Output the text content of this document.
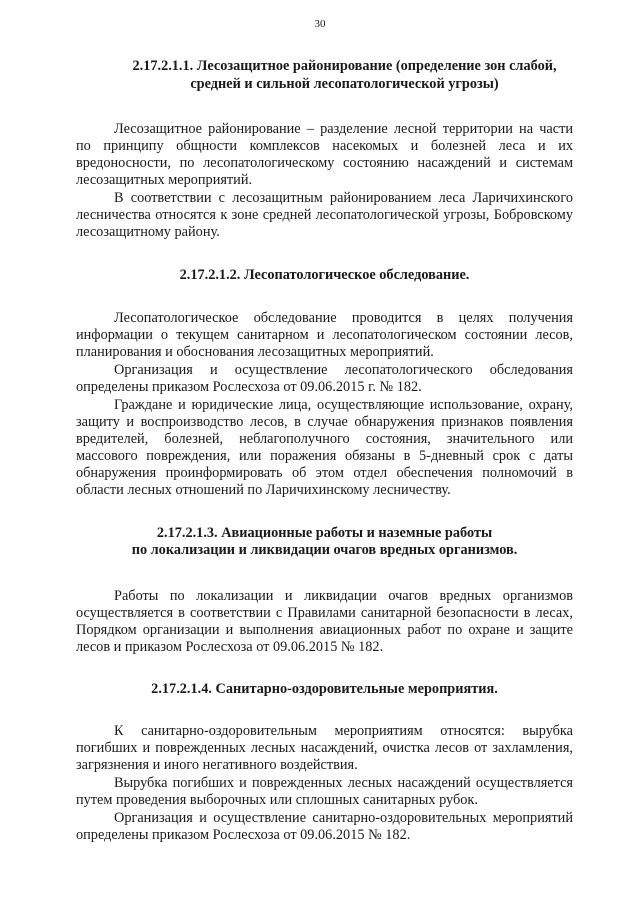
30
2.17.2.1.1. Лесозащитное районирование (определение зон слабой, средней и сильной лесопатологической угрозы)

Лесозащитное районирование – разделение лесной территории на части по принципу общности комплексов насекомых и болезней леса и их вредоносности, по лесопатологическому состоянию насаждений и системам лесозащитных мероприятий.

В соответствии с лесозащитным районированием леса Ларичихинского лесничества относятся к зоне средней лесопатологической угрозы, Бобровскому лесозащитному району.

2.17.2.1.2. Лесопатологическое обследование.

Лесопатологическое обследование проводится в целях получения информации о текущем санитарном и лесопатологическом состоянии лесов, планирования и обоснования лесозащитных мероприятий.

Организация и осуществление лесопатологического обследования определены приказом Рослесхоза от 09.06.2015 г. № 182.

Граждане и юридические лица, осуществляющие использование, охрану, защиту и воспроизводство лесов, в случае обнаружения признаков появления вредителей, болезней, неблагополучного состояния, значительного или массового повреждения, или поражения обязаны в 5-дневный срок с даты обнаружения проинформировать об этом отдел обеспечения полномочий в области лесных отношений по Ларичихинскому лесничеству.

2.17.2.1.3. Авиационные работы и наземные работы
по локализации и ликвидации очагов вредных организмов.

Работы по локализации и ликвидации очагов вредных организмов осуществляется в соответствии с Правилами санитарной безопасности в лесах, Порядком организации и выполнения авиационных работ по охране и защите лесов и приказом Рослесхоза от 09.06.2015 № 182.

2.17.2.1.4. Санитарно-оздоровительные мероприятия.

К санитарно-оздоровительным мероприятиям относятся: вырубка погибших и поврежденных лесных насаждений, очистка лесов от захламления, загрязнения и иного негативного воздействия.

Вырубка погибших и поврежденных лесных насаждений осуществляется путем проведения выборочных или сплошных санитарных рубок.

Организация и осуществление санитарно-оздоровительных мероприятий определены приказом Рослесхоза от 09.06.2015 № 182.
